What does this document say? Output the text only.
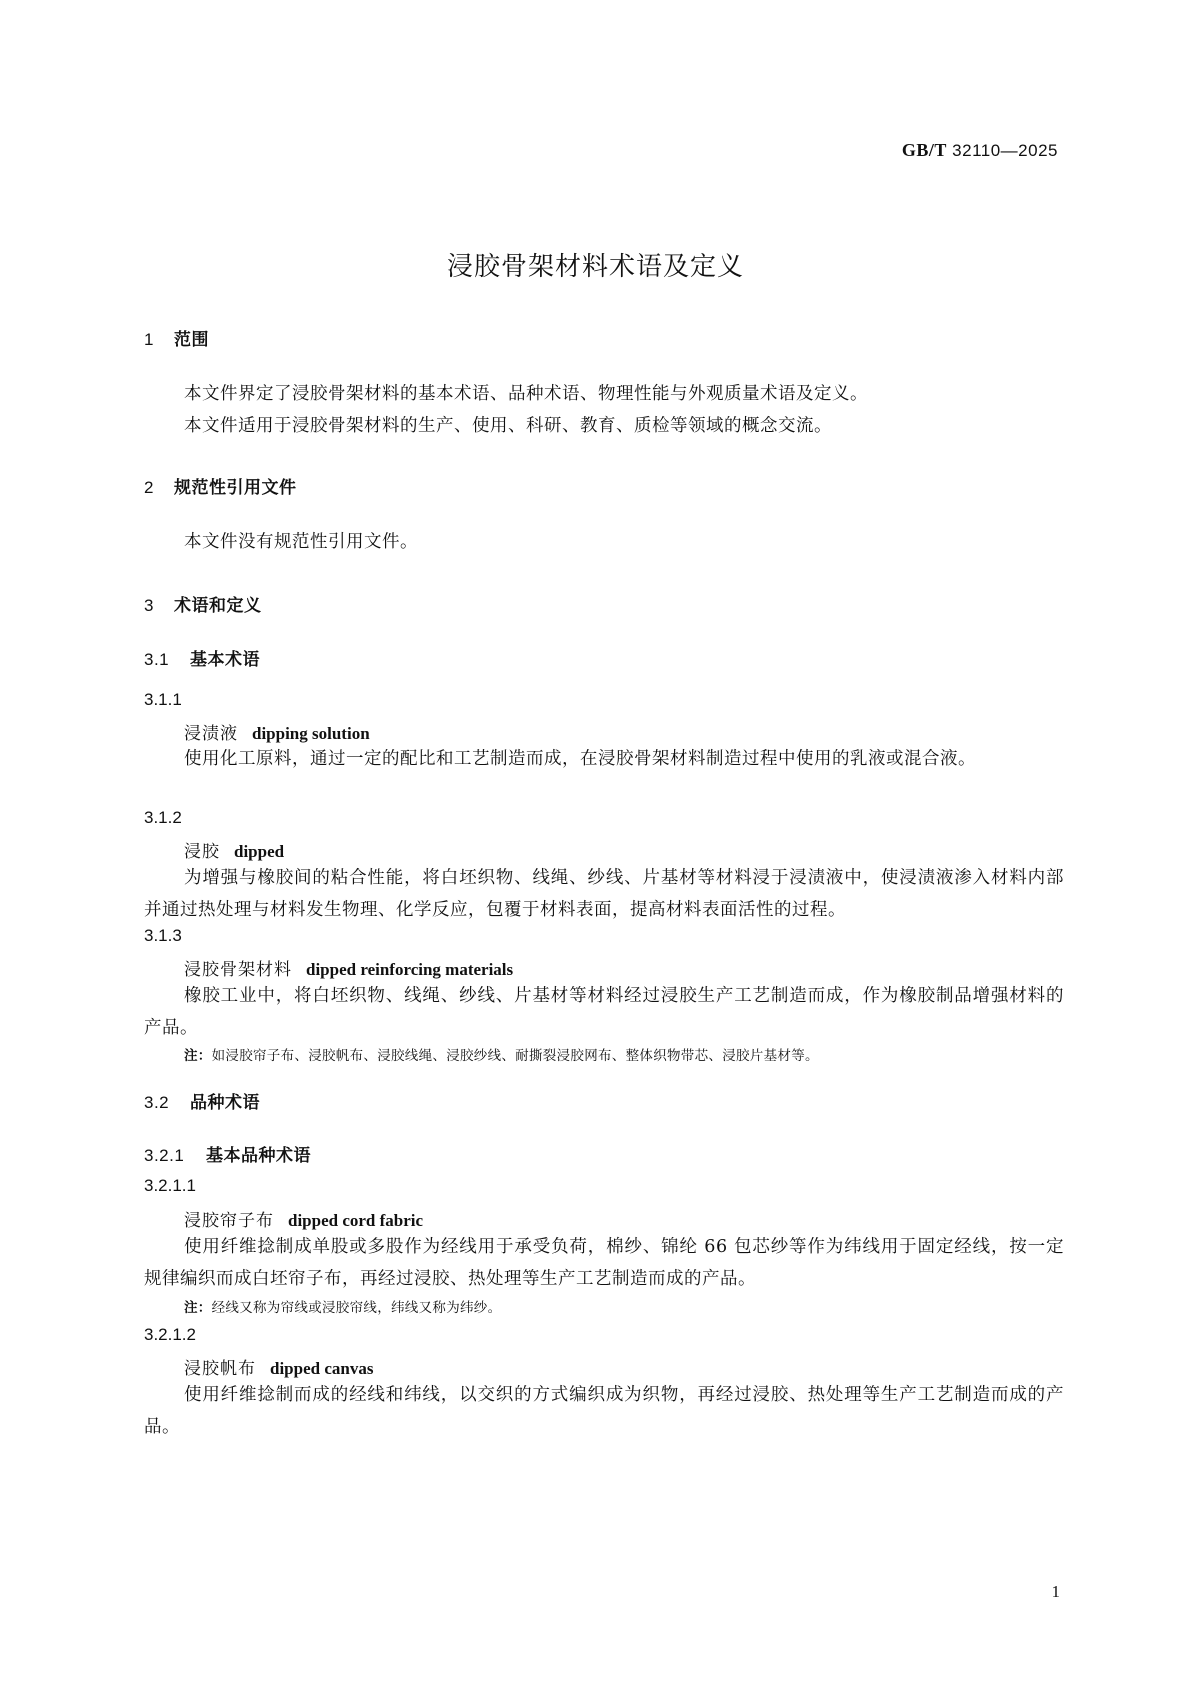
GB/T 32110—2025
浸胶骨架材料术语及定义
1 范围
本文件界定了浸胶骨架材料的基本术语、品种术语、物理性能与外观质量术语及定义。
本文件适用于浸胶骨架材料的生产、使用、科研、教育、质检等领域的概念交流。
2 规范性引用文件
本文件没有规范性引用文件。
3 术语和定义
3.1 基本术语
3.1.1
浸渍液 dipping solution
使用化工原料，通过一定的配比和工艺制造而成，在浸胶骨架材料制造过程中使用的乳液或混合液。
3.1.2
浸胶 dipped
为增强与橡胶间的粘合性能，将白坯织物、线绳、纱线、片基材等材料浸于浸渍液中，使浸渍液渗入材料内部并通过热处理与材料发生物理、化学反应，包覆于材料表面，提高材料表面活性的过程。
3.1.3
浸胶骨架材料 dipped reinforcing materials
橡胶工业中，将白坯织物、线绳、纱线、片基材等材料经过浸胶生产工艺制造而成，作为橡胶制品增强材料的产品。
注：如浸胶帘子布、浸胶帆布、浸胶线绳、浸胶纱线、耐撕裂浸胶网布、整体织物带芯、浸胶片基材等。
3.2 品种术语
3.2.1 基本品种术语
3.2.1.1
浸胶帘子布 dipped cord fabric
使用纤维捻制成单股或多股作为经线用于承受负荷，棉纱、锦纶 66 包芯纱等作为纬线用于固定经线，按一定规律编织而成白坯帘子布，再经过浸胶、热处理等生产工艺制造而成的产品。
注：经线又称为帘线或浸胶帘线，纬线又称为纬纱。
3.2.1.2
浸胶帆布 dipped canvas
使用纤维捻制而成的经线和纬线，以交织的方式编织成为织物，再经过浸胶、热处理等生产工艺制造而成的产品。
1
